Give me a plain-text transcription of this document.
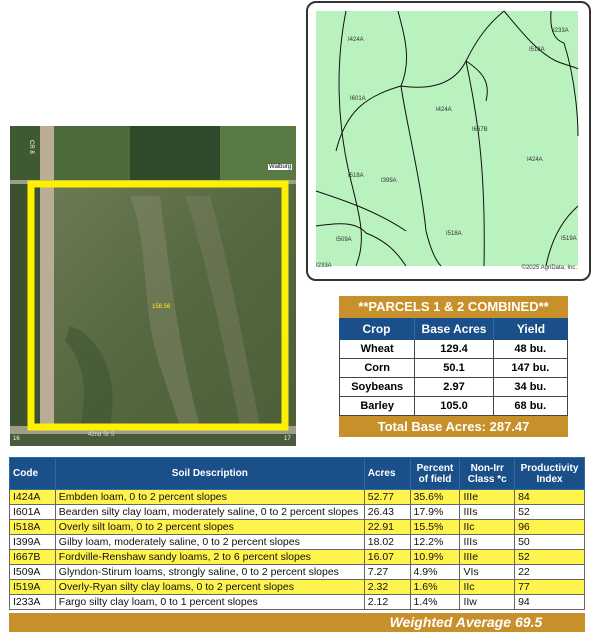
158.56
Walburg
16
42nd St S
17
CR 8
I424A
I233A
I518A
I601A
I424A
I667B
I424A
I518A
I399A
I509A
I518A
I519A
I233A	©2025 AgriData, Inc.
**PARCELS 1 & 2 COMBINED**
Crop	Base Acres	Yield
Wheat	129.4	48 bu.
Corn	50.1	147 bu.
Soybeans	2.97	34 bu.
Barley	105.0	68 bu.
Total Base Acres: 287.47
Code	Soil Description	Acres	Percent of field	Non-Irr Class *c	Productivity Index
I424A	Embden loam, 0 to 2 percent slopes	52.77	35.6%	IIIe	84
I601A	Bearden silty clay loam, moderately saline, 0 to 2 percent slopes	26.43	17.9%	IIIs	52
I518A	Overly silt loam, 0 to 2 percent slopes	22.91	15.5%	IIc	96
I399A	Gilby loam, moderately saline, 0 to 2 percent slopes	18.02	12.2%	IIIs	50
I667B	Fordville-Renshaw sandy loams, 2 to 6 percent slopes	16.07	10.9%	IIIe	52
I509A	Glyndon-Stirum loams, strongly saline, 0 to 2 percent slopes	7.27	4.9%	VIs	22
I519A	Overly-Ryan silty clay loams, 0 to 2 percent slopes	2.32	1.6%	IIc	77
I233A	Fargo silty clay loam, 0 to 1 percent slopes	2.12	1.4%	IIw	94
Weighted Average 69.5
